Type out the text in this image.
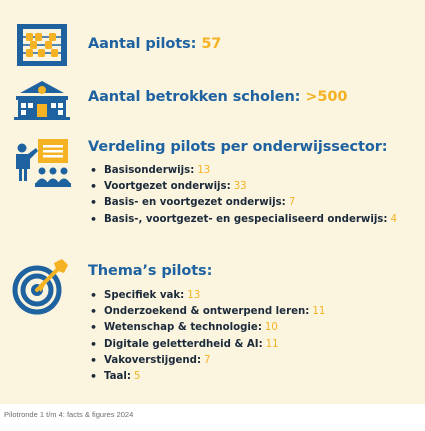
Aantal pilots: 57
Aantal betrokken scholen: >500
Verdeling pilots per onderwijssector:
• Basisonderwijs: 13
• Voortgezet onderwijs: 33
• Basis- en voortgezet onderwijs: 7
• Basis-, voortgezet- en gespecialiseerd onderwijs: 4
Thema’s pilots:
• Specifiek vak: 13
• Onderzoekend & ontwerpend leren: 11
• Wetenschap & technologie: 10
• Digitale geletterdheid & AI: 11
• Vakoverstijgend: 7
• Taal: 5
Pilotronde 1 t/m 4: facts & figures 2024
